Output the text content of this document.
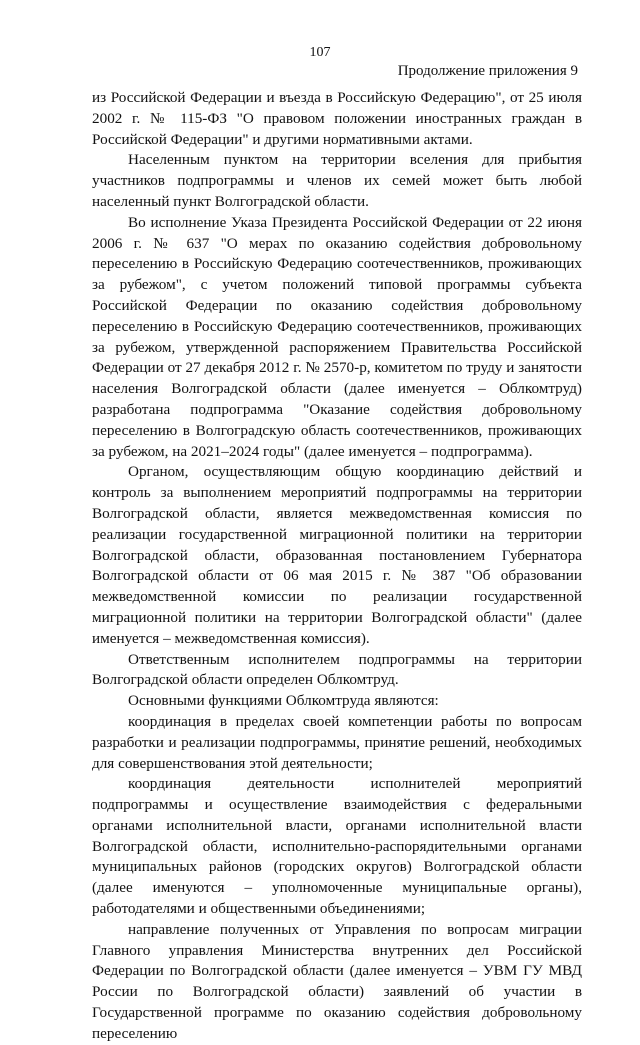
107
Продолжение приложения 9

из Российской Федерации и въезда в Российскую Федерацию", от 25 июля 2002 г. № 115-ФЗ "О правовом положении иностранных граждан в Российской Федерации" и другими нормативными актами.

Населенным пунктом на территории вселения для прибытия участников подпрограммы и членов их семей может быть любой населенный пункт Волгоградской области.

Во исполнение Указа Президента Российской Федерации от 22 июня 2006 г. № 637 "О мерах по оказанию содействия добровольному переселению в Российскую Федерацию соотечественников, проживающих за рубежом", с учетом положений типовой программы субъекта Российской Федерации по оказанию содействия добровольному переселению в Российскую Федерацию соотечественников, проживающих за рубежом, утвержденной распоряжением Правительства Российской Федерации от 27 декабря 2012 г. № 2570-р, комитетом по труду и занятости населения Волгоградской области (далее именуется – Облкомтруд) разработана подпрограмма "Оказание содействия добровольному переселению в Волгоградскую область соотечественников, проживающих за рубежом, на 2021–2024 годы" (далее именуется – подпрограмма).

Органом, осуществляющим общую координацию действий и контроль за выполнением мероприятий подпрограммы на территории Волгоградской области, является межведомственная комиссия по реализации государственной миграционной политики на территории Волгоградской области, образованная постановлением Губернатора Волгоградской области от 06 мая 2015 г. № 387 "Об образовании межведомственной комиссии по реализации государственной миграционной политики на территории Волгоградской области" (далее именуется – межведомственная комиссия).

Ответственным исполнителем подпрограммы на территории Волгоградской области определен Облкомтруд.

Основными функциями Облкомтруда являются:

координация в пределах своей компетенции работы по вопросам разработки и реализации подпрограммы, принятие решений, необходимых для совершенствования этой деятельности;

координация деятельности исполнителей мероприятий подпрограммы и осуществление взаимодействия с федеральными органами исполнительной власти, органами исполнительной власти Волгоградской области, исполнительно-распорядительными органами муниципальных районов (городских округов) Волгоградской области (далее именуются – уполномоченные муниципальные органы), работодателями и общественными объединениями;

направление полученных от Управления по вопросам миграции Главного управления Министерства внутренних дел Российской Федерации по Волгоградской области (далее именуется – УВМ ГУ МВД России по Волгоградской области) заявлений об участии в Государственной программе по оказанию содействия добровольному переселению
